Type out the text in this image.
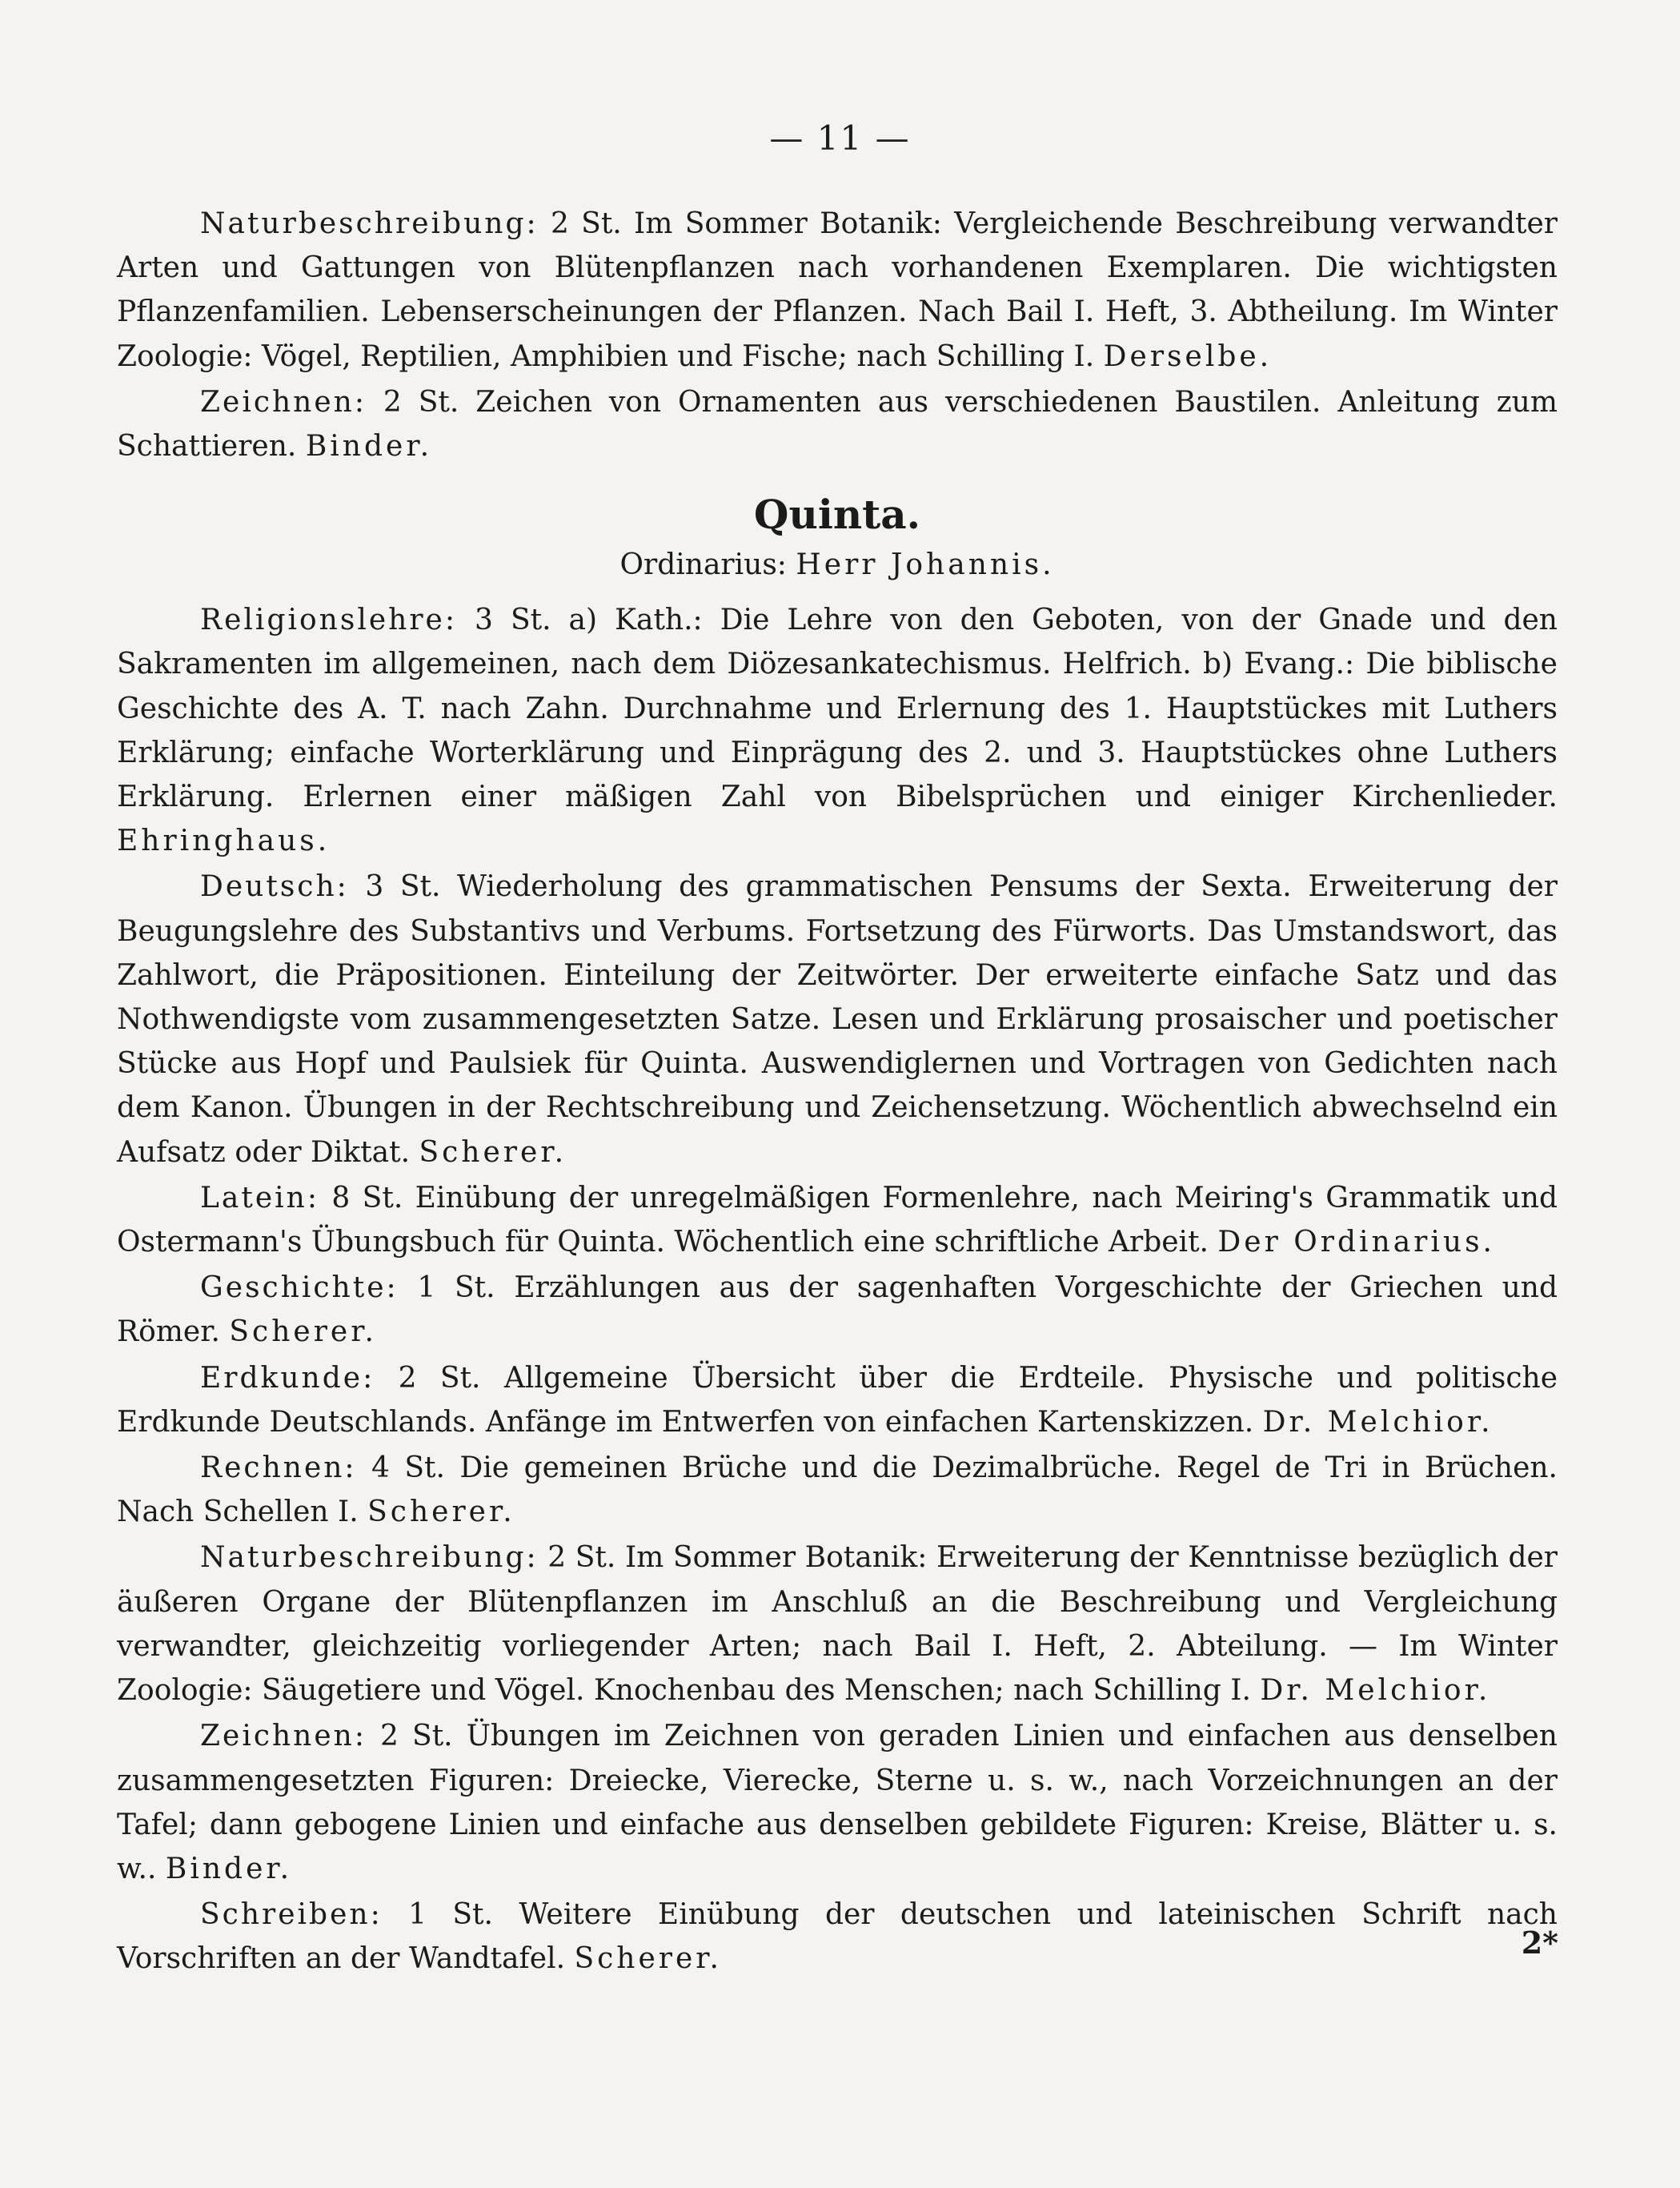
— 11 —

Naturbeschreibung: 2 St. Im Sommer Botanik: Vergleichende Beschreibung verwandter Arten und Gattungen von Blütenpflanzen nach vorhandenen Exemplaren. Die wichtigsten Pflanzenfamilien. Lebenserscheinungen der Pflanzen. Nach Bail I. Heft, 3. Abtheilung. Im Winter Zoologie: Vögel, Reptilien, Amphibien und Fische; nach Schilling I. Derselbe.

Zeichnen: 2 St. Zeichen von Ornamenten aus verschiedenen Baustilen. Anleitung zum Schattieren. Binder.

Quinta.
Ordinarius: Herr Johannis.

Religionslehre: 3 St. a) Kath.: Die Lehre von den Geboten, von der Gnade und den Sakramenten im allgemeinen, nach dem Diözesankatechismus. Helfrich. b) Evang.: Die biblische Geschichte des A. T. nach Zahn. Durchnahme und Erlernung des 1. Hauptstückes mit Luthers Erklärung; einfache Worterklärung und Einprägung des 2. und 3. Hauptstückes ohne Luthers Erklärung. Erlernen einer mäßigen Zahl von Bibelsprüchen und einiger Kirchenlieder. Ehringhaus.

Deutsch: 3 St. Wiederholung des grammatischen Pensums der Sexta. Erweiterung der Beugungslehre des Substantivs und Verbums. Fortsetzung des Fürworts. Das Umstandswort, das Zahlwort, die Präpositionen. Einteilung der Zeitwörter. Der erweiterte einfache Satz und das Nothwendigste vom zusammengesetzten Satze. Lesen und Erklärung prosaischer und poetischer Stücke aus Hopf und Paulsiek für Quinta. Auswendiglernen und Vortragen von Gedichten nach dem Kanon. Übungen in der Rechtschreibung und Zeichensetzung. Wöchentlich abwechselnd ein Aufsatz oder Diktat. Scherer.

Latein: 8 St. Einübung der unregelmäßigen Formenlehre, nach Meiring's Grammatik und Ostermann's Übungsbuch für Quinta. Wöchentlich eine schriftliche Arbeit. Der Ordinarius.

Geschichte: 1 St. Erzählungen aus der sagenhaften Vorgeschichte der Griechen und Römer. Scherer.

Erdkunde: 2 St. Allgemeine Übersicht über die Erdteile. Physische und politische Erdkunde Deutschlands. Anfänge im Entwerfen von einfachen Kartenskizzen. Dr. Melchior.

Rechnen: 4 St. Die gemeinen Brüche und die Dezimalbrüche. Regel de Tri in Brüchen. Nach Schellen I. Scherer.

Naturbeschreibung: 2 St. Im Sommer Botanik: Erweiterung der Kenntnisse bezüglich der äußeren Organe der Blütenpflanzen im Anschluß an die Beschreibung und Vergleichung verwandter, gleichzeitig vorliegender Arten; nach Bail I. Heft, 2. Abteilung. — Im Winter Zoologie: Säugetiere und Vögel. Knochenbau des Menschen; nach Schilling I. Dr. Melchior.

Zeichnen: 2 St. Übungen im Zeichnen von geraden Linien und einfachen aus denselben zusammengesetzten Figuren: Dreiecke, Vierecke, Sterne u. s. w., nach Vorzeichnungen an der Tafel; dann gebogene Linien und einfache aus denselben gebildete Figuren: Kreise, Blätter u. s. w.. Binder.

Schreiben: 1 St. Weitere Einübung der deutschen und lateinischen Schrift nach Vorschriften an der Wandtafel. Scherer.	2*
